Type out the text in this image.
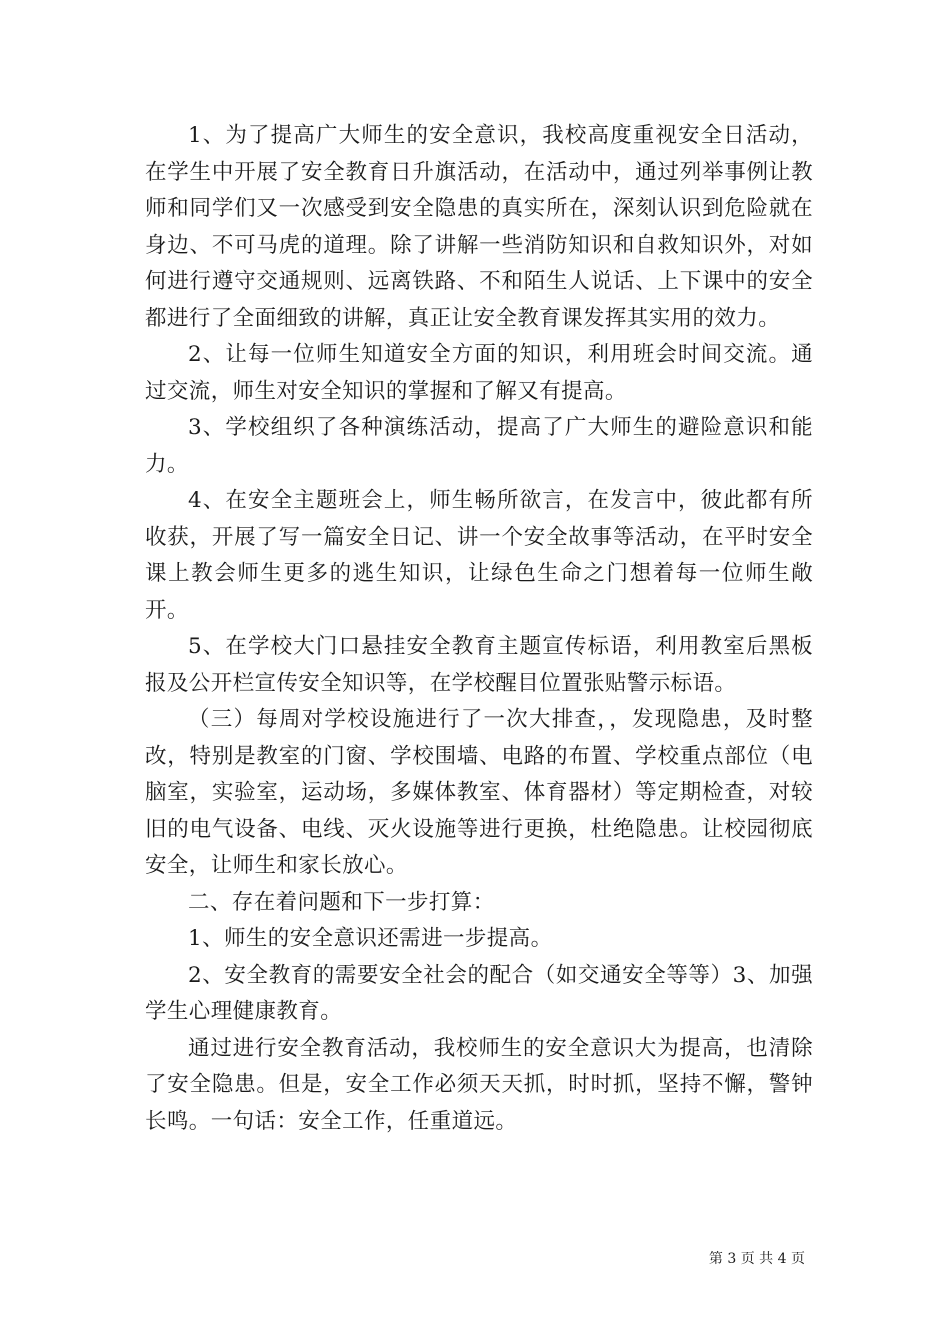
1、为了提高广大师生的安全意识，我校高度重视安全日活动，在学生中开展了安全教育日升旗活动，在活动中，通过列举事例让教师和同学们又一次感受到安全隐患的真实所在，深刻认识到危险就在身边、不可马虎的道理。除了讲解一些消防知识和自救知识外，对如何进行遵守交通规则、远离铁路、不和陌生人说话、上下课中的安全都进行了全面细致的讲解，真正让安全教育课发挥其实用的效力。

2、让每一位师生知道安全方面的知识，利用班会时间交流。通过交流，师生对安全知识的掌握和了解又有提高。

3、学校组织了各种演练活动，提高了广大师生的避险意识和能力。

4、在安全主题班会上，师生畅所欲言，在发言中，彼此都有所收获，开展了写一篇安全日记、讲一个安全故事等活动，在平时安全课上教会师生更多的逃生知识，让绿色生命之门想着每一位师生敞开。

5、在学校大门口悬挂安全教育主题宣传标语，利用教室后黑板报及公开栏宣传安全知识等，在学校醒目位置张贴警示标语。

（三）每周对学校设施进行了一次大排查，，发现隐患，及时整改，特别是教室的门窗、学校围墙、电路的布置、学校重点部位（电脑室，实验室，运动场，多媒体教室、体育器材）等定期检查，对较旧的电气设备、电线、灭火设施等进行更换，杜绝隐患。让校园彻底安全，让师生和家长放心。

二、存在着问题和下一步打算：

1、师生的安全意识还需进一步提高。

2、安全教育的需要安全社会的配合（如交通安全等等）3、加强学生心理健康教育。

通过进行安全教育活动，我校师生的安全意识大为提高，也清除了安全隐患。但是，安全工作必须天天抓，时时抓，坚持不懈，警钟长鸣。一句话：安全工作，任重道远。

第 3 页 共 4 页
